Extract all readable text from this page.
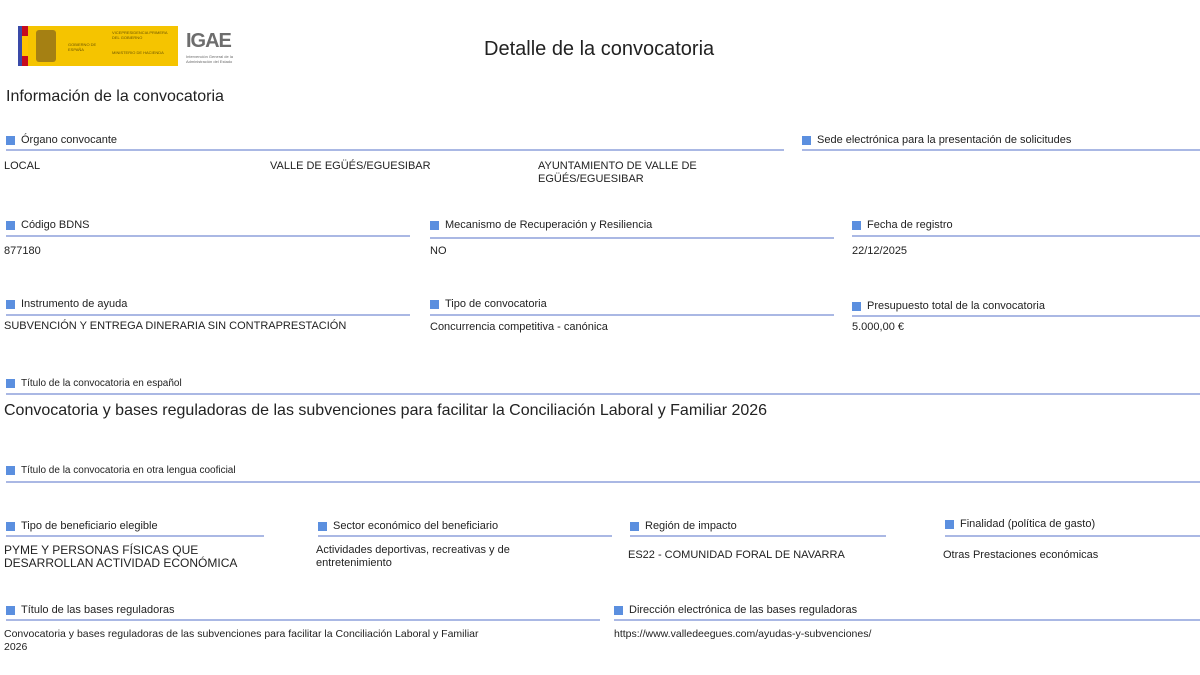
GOBIERNO DE ESPAÑA
VICEPRESIDENCIA PRIMERA DEL GOBIERNO
MINISTERIO DE HACIENDA
IGAE
Intervención General de la Administración del Estado
Detalle de la convocatoria
Información de la convocatoria
Órgano convocante
LOCAL	VALLE DE EGÜÉS/EGUESIBAR	AYUNTAMIENTO DE VALLE DE
EGÜÉS/EGUESIBAR
Sede electrónica para la presentación de solicitudes
Código BDNS
877180
Mecanismo de Recuperación y Resiliencia
NO
Fecha de registro
22/12/2025
Instrumento de ayuda
SUBVENCIÓN Y ENTREGA DINERARIA SIN CONTRAPRESTACIÓN
Tipo de convocatoria
Concurrencia competitiva - canónica
Presupuesto total de la convocatoria
5.000,00 €
Título de la convocatoria en español
Convocatoria y bases reguladoras de las subvenciones para facilitar la Conciliación Laboral y Familiar 2026
Título de la convocatoria en otra lengua cooficial
Tipo de beneficiario elegible
PYME Y PERSONAS FÍSICAS QUE
DESARROLLAN ACTIVIDAD ECONÓMICA
Sector económico del beneficiario
Actividades deportivas, recreativas y de
entretenimiento
Región de impacto
ES22 - COMUNIDAD FORAL DE NAVARRA
Finalidad (política de gasto)
Otras Prestaciones económicas
Título de las bases reguladoras
Convocatoria y bases reguladoras de las subvenciones para facilitar la Conciliación Laboral y Familiar
2026
Dirección electrónica de las bases reguladoras
https://www.valledeegues.com/ayudas-y-subvenciones/
